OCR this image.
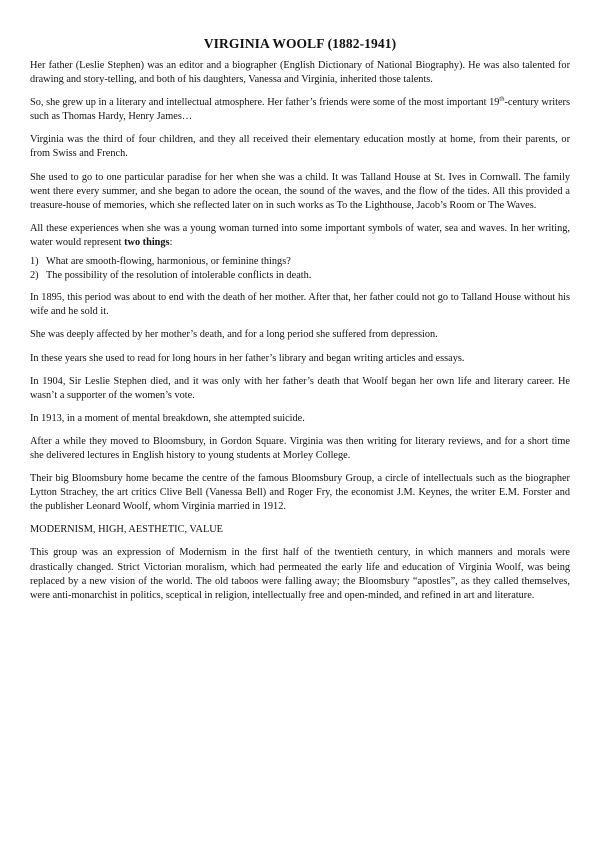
VIRGINIA WOOLF (1882-1941)

Her father (Leslie Stephen) was an editor and a biographer (English Dictionary of National Biography). He was also talented for drawing and story-telling, and both of his daughters, Vanessa and Virginia, inherited those talents.

So, she grew up in a literary and intellectual atmosphere. Her father’s friends were some of the most important 19th-century writers such as Thomas Hardy, Henry James…

Virginia was the third of four children, and they all received their elementary education mostly at home, from their parents, or from Swiss and French.

She used to go to one particular paradise for her when she was a child. It was Talland House at St. Ives in Cornwall. The family went there every summer, and she began to adore the ocean, the sound of the waves, and the flow of the tides. All this provided a treasure-house of memories, which she reflected later on in such works as To the Lighthouse, Jacob’s Room or The Waves.

All these experiences when she was a young woman turned into some important symbols of water, sea and waves. In her writing, water would represent two things:

1) What are smooth-flowing, harmonious, or feminine things?
2) The possibility of the resolution of intolerable conflicts in death.

In 1895, this period was about to end with the death of her mother. After that, her father could not go to Talland House without his wife and he sold it.

She was deeply affected by her mother’s death, and for a long period she suffered from depression.

In these years she used to read for long hours in her father’s library and began writing articles and essays.

In 1904, Sir Leslie Stephen died, and it was only with her father’s death that Woolf began her own life and literary career. He wasn’t a supporter of the women’s vote.

In 1913, in a moment of mental breakdown, she attempted suicide.

After a while they moved to Bloomsbury, in Gordon Square. Virginia was then writing for literary reviews, and for a short time she delivered lectures in English history to young students at Morley College.

Their big Bloomsbury home became the centre of the famous Bloomsbury Group, a circle of intellectuals such as the biographer Lytton Strachey, the art critics Clive Bell (Vanessa Bell) and Roger Fry, the economist J.M. Keynes, the writer E.M. Forster and the publisher Leonard Woolf, whom Virginia married in 1912.

MODERNISM, HIGH, AESTHETIC, VALUE

This group was an expression of Modernism in the first half of the twentieth century, in which manners and morals were drastically changed. Strict Victorian moralism, which had permeated the early life and education of Virginia Woolf, was being replaced by a new vision of the world. The old taboos were falling away; the Bloomsbury “apostles”, as they called themselves, were anti-monarchist in politics, sceptical in religion, intellectually free and open-minded, and refined in art and literature.
